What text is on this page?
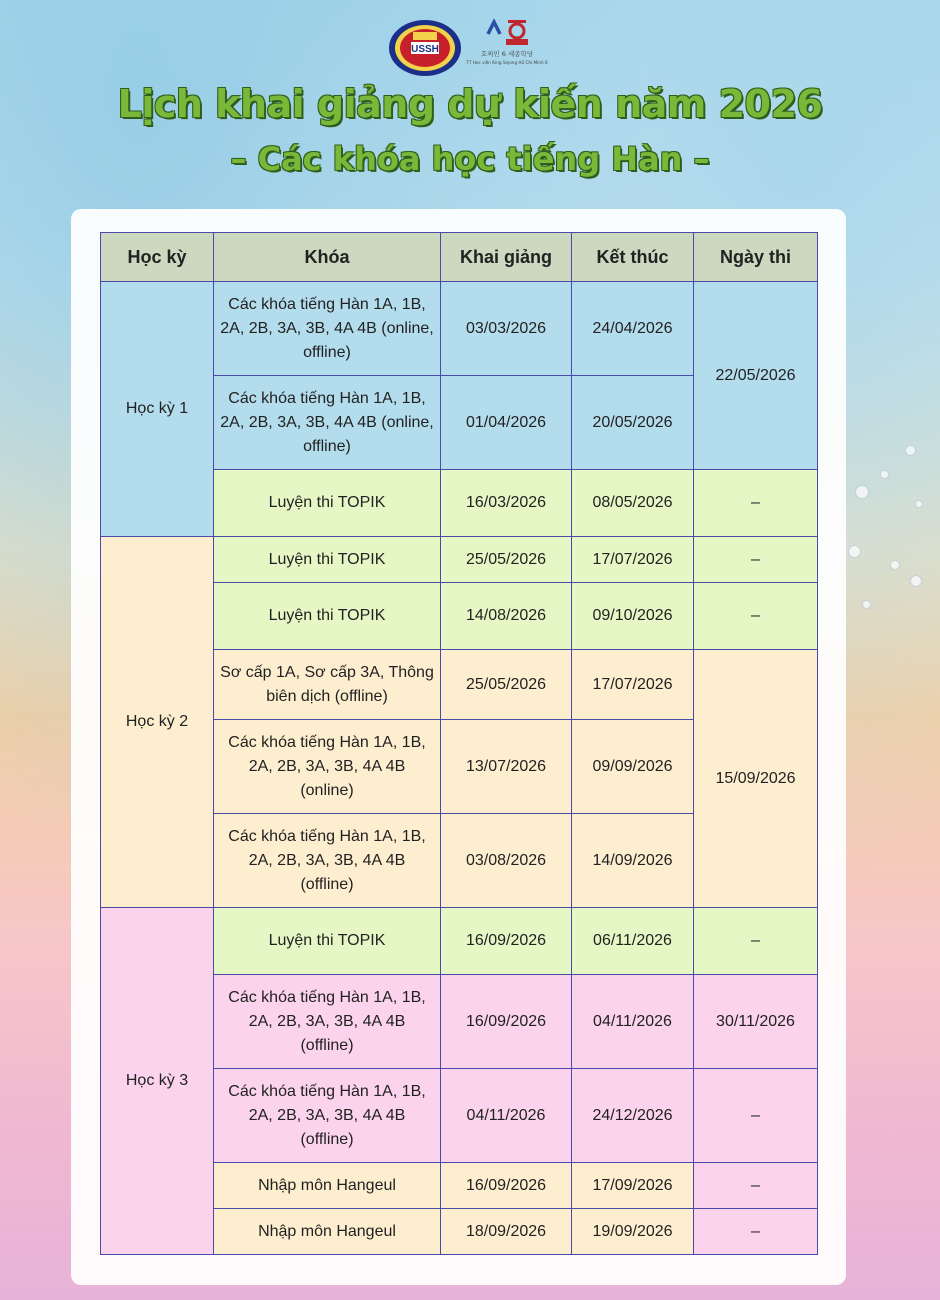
USSH	호찌민 6 세종학당
TT Học viện King Sejong Hồ Chí Minh 6
Lịch khai giảng dự kiến năm 2026
– Các khóa học tiếng Hàn –
Học kỳ	Khóa	Khai giảng	Kết thúc	Ngày thi
Học kỳ 1	Các khóa tiếng Hàn 1A, 1B, 2A, 2B, 3A, 3B, 4A 4B (online, offline)	03/03/2026	24/04/2026	22/05/2026
	Các khóa tiếng Hàn 1A, 1B, 2A, 2B, 3A, 3B, 4A 4B (online, offline)	01/04/2026	20/05/2026	
	Luyện thi TOPIK	16/03/2026	08/05/2026	–
Học kỳ 2	Luyện thi TOPIK	25/05/2026	17/07/2026	–
	Luyện thi TOPIK	14/08/2026	09/10/2026	–
	Sơ cấp 1A, Sơ cấp 3A, Thông biên dịch (offline)	25/05/2026	17/07/2026	15/09/2026
	Các khóa tiếng Hàn 1A, 1B, 2A, 2B, 3A, 3B, 4A 4B (online)	13/07/2026	09/09/2026	
	Các khóa tiếng Hàn 1A, 1B, 2A, 2B, 3A, 3B, 4A 4B (offline)	03/08/2026	14/09/2026	
Học kỳ 3	Luyện thi TOPIK	16/09/2026	06/11/2026	–
	Các khóa tiếng Hàn 1A, 1B, 2A, 2B, 3A, 3B, 4A 4B (offline)	16/09/2026	04/11/2026	30/11/2026
	Các khóa tiếng Hàn 1A, 1B, 2A, 2B, 3A, 3B, 4A 4B (offline)	04/11/2026	24/12/2026	–
	Nhập môn Hangeul	16/09/2026	17/09/2026	–
	Nhập môn Hangeul	18/09/2026	19/09/2026	–
